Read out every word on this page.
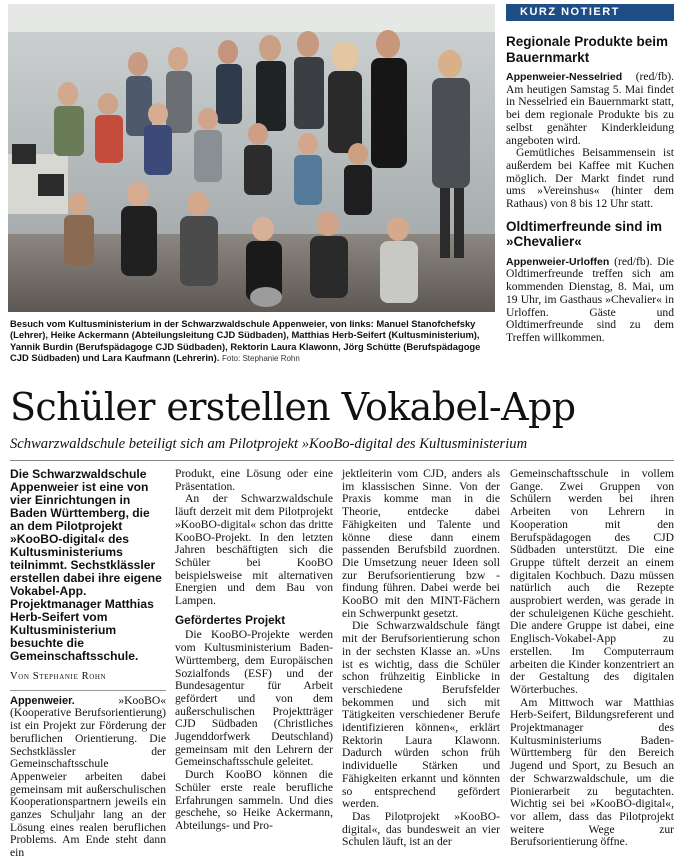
Besuch vom Kultusministerium in der Schwarzwaldschule Appenweier, von links: Manuel Stanofchefsky (Lehrer), Heike Ackermann (Abteilungsleitung CJD Südbaden), Matthias Herb-Seifert (Kultusministerium), Yannik Burdin (Berufspädagoge CJD Südbaden), Rektorin Laura Klawonn, Jörg Schütte (Berufspädagoge CJD Südbaden) und Lara Kaufmann (Lehrerin). Foto: Stephanie Rohn
KURZ NOTIERT
Regionale Produkte beim Bauernmarkt

Appenweier-Nesselried (red/fb). Am heutigen Samstag 5. Mai findet in Nesselried ein Bauernmarkt statt, bei dem regionale Produkte bis zu selbst genähter Kinderkleidung angeboten wird.

Gemütliches Beisammensein ist außerdem bei Kaffee mit Kuchen möglich. Der Markt findet rund ums »Vereinshus« (hinter dem Rathaus) von 8 bis 12 Uhr statt.

Oldtimerfreunde sind im »Chevalier«

Appenweier-Urloffen (red/fb). Die Oldtimerfreunde treffen sich am kommenden Dienstag, 8. Mai, um 19 Uhr, im Gasthaus »Chevalier« in Urloffen. Gäste und Oldtimerfreunde sind zu dem Treffen willkommen.

Schüler erstellen Vokabel-App
Schwarzwaldschule beteiligt sich am Pilotprojekt »KooBo-digital des Kultusministerium
Die Schwarzwaldschule Appenweier ist eine von vier Einrichtungen in Baden Württemberg, die an dem Pilotprojekt »KooBO-digital« des Kultusministeriums teilnimmt. Sechstklässler erstellen dabei ihre eigene Vokabel-App. Projektmanager Matthias Herb-Seifert vom Kultusministerium besuchte die Gemeinschaftsschule.
Von Stephanie Rohn

Appenweier. »KooBO« (Kooperative Berufsorientierung) ist ein Projekt zur Förderung der beruflichen Orientierung. Die Sechstklässler der Gemeinschaftsschule Appenweier arbeiten dabei gemeinsam mit außerschulischen Kooperationspartnern jeweils ein ganzes Schuljahr lang an der Lösung eines realen beruflichen Problems. Am Ende steht dann ein

Produkt, eine Lösung oder eine Präsentation.

An der Schwarzwaldschule läuft derzeit mit dem Pilotprojekt »KooBO-digital« schon das dritte KooBO-Projekt. In den letzten Jahren beschäftigten sich die Schüler bei KooBO beispielsweise mit alternativen Energien und dem Bau von Lampen.

Gefördertes Projekt

Die KooBO-Projekte werden vom Kultusministerium Baden-Württemberg, dem Europäischen Sozialfonds (ESF) und der Bundesagentur für Arbeit gefördert und von dem außerschulischen Projektträger CJD Südbaden (Christliches Jugenddorfwerk Deutschland) gemeinsam mit den Lehrern der Gemeinschaftsschule geleitet.

Durch KooBO können die Schüler erste reale berufliche Erfahrungen sammeln. Und dies geschehe, so Heike Ackermann, Abteilungs- und Pro-

jektleiterin vom CJD, anders als im klassischen Sinne. Von der Praxis komme man in die Theorie, entdecke dabei Fähigkeiten und Talente und könne diese dann einem passenden Berufsbild zuordnen. Die Umsetzung neuer Ideen soll zur Berufsorientierung bzw -findung führen. Dabei werde bei KooBO mit den MINT-Fächern ein Schwerpunkt gesetzt.

Die Schwarzwaldschule fängt mit der Berufsorientierung schon in der sechsten Klasse an. »Uns ist es wichtig, dass die Schüler schon frühzeitig Einblicke in verschiedene Berufsfelder bekommen und sich mit Tätigkeiten verschiedener Berufe identifizieren können«, erklärt Rektorin Laura Klawonn. Dadurch würden schon früh individuelle Stärken und Fähigkeiten erkannt und könnten so entsprechend gefördert werden.

Das Pilotprojekt »KooBO-digital«, das bundesweit an vier Schulen läuft, ist an der

Gemeinschaftsschule in vollem Gange. Zwei Gruppen von Schülern werden bei ihren Arbeiten von Lehrern in Kooperation mit den Berufspädagogen des CJD Südbaden unterstützt. Die eine Gruppe tüftelt derzeit an einem digitalen Kochbuch. Dazu müssen natürlich auch die Rezepte ausprobiert werden, was gerade in der schuleigenen Küche geschieht. Die andere Gruppe ist dabei, eine Englisch-Vokabel-App zu erstellen. Im Computerraum arbeiten die Kinder konzentriert an der Gestaltung des digitalen Wörterbuches.

Am Mittwoch war Matthias Herb-Seifert, Bildungsreferent und Projektmanager des Kultusministeriums Baden-Württemberg für den Bereich Jugend und Sport, zu Besuch an der Schwarzwaldschule, um die Pionierarbeit zu begutachten. Wichtig sei bei »KooBO-digital«, vor allem, dass das Pilotprojekt weitere Wege zur Berufsorientierung öffne.
